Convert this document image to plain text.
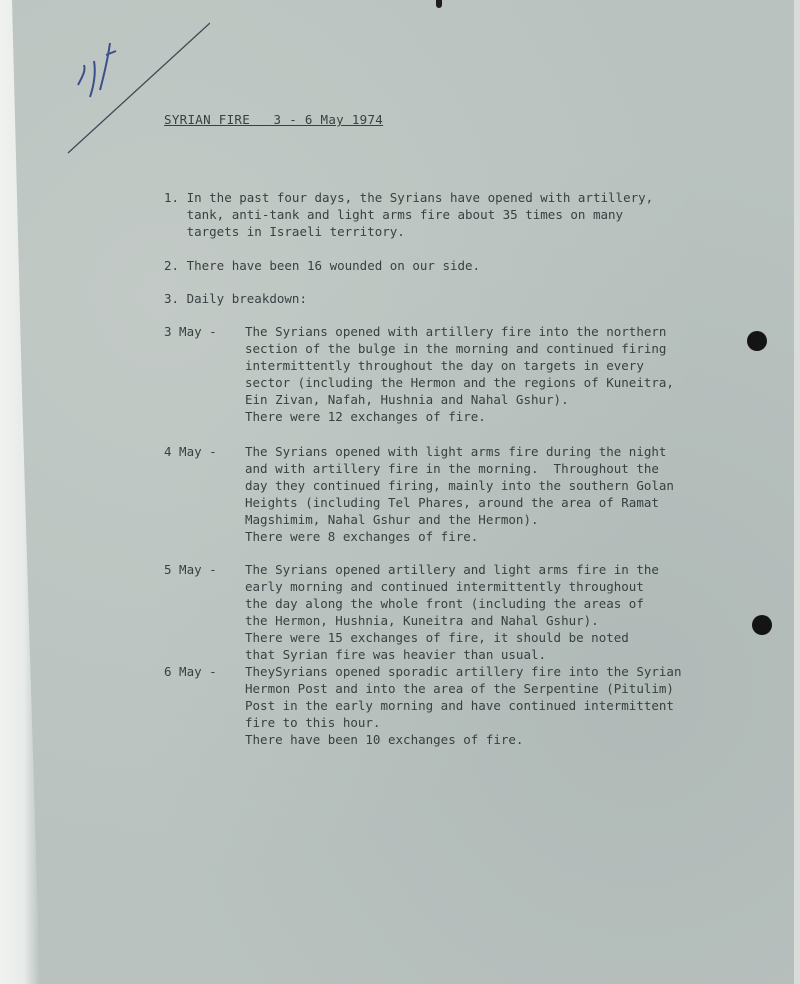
SYRIAN FIRE   3 - 6 May 1974
1. In the past four days, the Syrians have opened with artillery,
tank, anti-tank and light arms fire about 35 times on many
targets in Israeli territory.
2. There have been 16 wounded on our side.
3. Daily breakdown:
3 May - The Syrians opened with artillery fire into the northern
section of the bulge in the morning and continued firing
intermittently throughout the day on targets in every
sector (including the Hermon and the regions of Kuneitra,
Ein Zivan, Nafah, Hushnia and Nahal Gshur).
There were 12 exchanges of fire.
4 May - The Syrians opened with light arms fire during the night
and with artillery fire in the morning.  Throughout the
day they continued firing, mainly into the southern Golan
Heights (including Tel Phares, around the area of Ramat
Magshimim, Nahal Gshur and the Hermon).
There were 8 exchanges of fire.
5 May - The Syrians opened artillery and light arms fire in the
early morning and continued intermittently throughout
the day along the whole front (including the areas of
the Hermon, Hushnia, Kuneitra and Nahal Gshur).
There were 15 exchanges of fire, it should be noted
that Syrian fire was heavier than usual.
6 May - TheySyrians opened sporadic artillery fire into the Syrian
Hermon Post and into the area of the Serpentine (Pitulim)
Post in the early morning and have continued intermittent
fire to this hour.
There have been 10 exchanges of fire.
